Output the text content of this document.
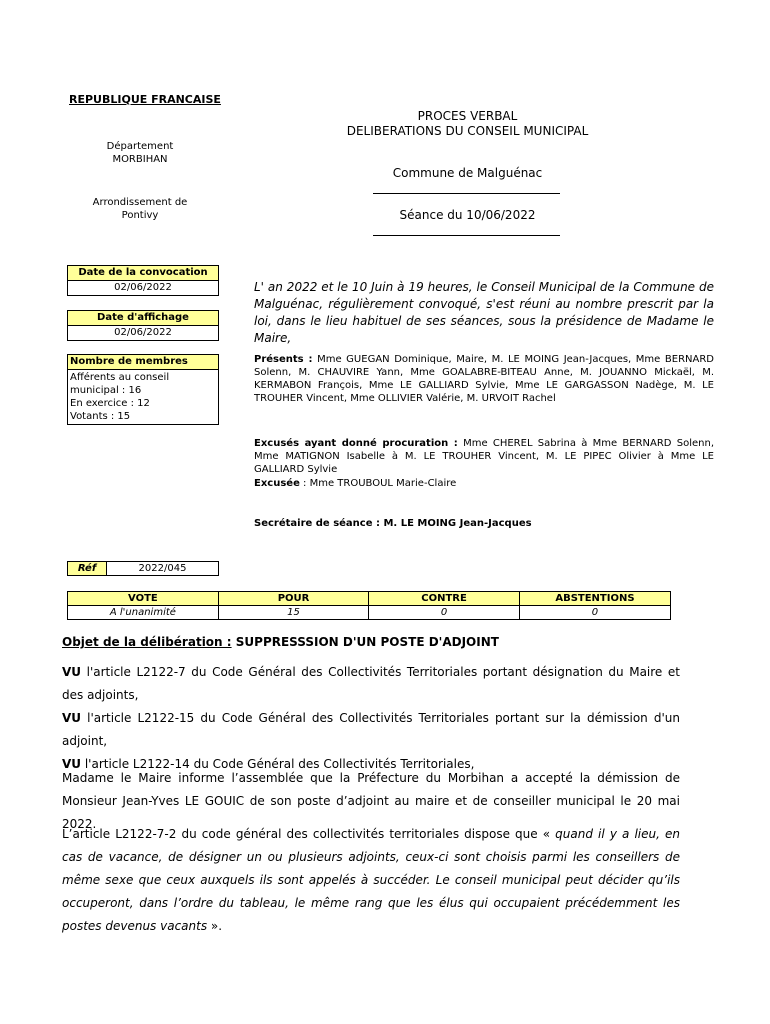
REPUBLIQUE FRANCAISE
Département
MORBIHAN
Arrondissement de
Pontivy
PROCES VERBAL
DELIBERATIONS DU CONSEIL MUNICIPAL
Commune de Malguénac
Séance du 10/06/2022
Date de la convocation
02/06/2022
Date d'affichage
02/06/2022
Nombre de membres
Afférents au conseil
municipal : 16
En exercice : 12
Votants : 15
L' an 2022 et le 10 Juin à 19 heures, le Conseil Municipal de la Commune de Malguénac, régulièrement convoqué, s'est réuni au nombre prescrit par la loi, dans le lieu habituel de ses séances, sous la présidence de Madame le Maire,
Présents : Mme GUEGAN Dominique, Maire, M. LE MOING Jean-Jacques, Mme BERNARD Solenn, M. CHAUVIRE Yann, Mme GOALABRE-BITEAU Anne, M. JOUANNO Mickaël, M. KERMABON François, Mme LE GALLIARD Sylvie, Mme LE GARGASSON Nadège, M. LE TROUHER Vincent, Mme OLLIVIER Valérie, M. URVOIT Rachel
Excusés ayant donné procuration : Mme CHEREL Sabrina à Mme BERNARD Solenn, Mme MATIGNON Isabelle à M. LE TROUHER Vincent, M. LE PIPEC Olivier à Mme LE GALLIARD Sylvie
Excusée : Mme TROUBOUL Marie-Claire
Secrétaire de séance : M. LE MOING Jean-Jacques
Réf	2022/045
VOTE	POUR	CONTRE	ABSTENTIONS
A l'unanimité	15	0	0
Objet de la délibération : SUPPRESSSION D'UN POSTE D'ADJOINT
VU l'article L2122-7 du Code Général des Collectivités Territoriales portant désignation du Maire et des adjoints,
VU l'article L2122-15 du Code Général des Collectivités Territoriales portant sur la démission d'un adjoint,
VU l'article L2122-14 du Code Général des Collectivités Territoriales,
Madame le Maire informe l’assemblée que la Préfecture du Morbihan a accepté la démission de Monsieur Jean-Yves LE GOUIC de son poste d’adjoint au maire et de conseiller municipal le 20 mai 2022.
L’article L2122-7-2 du code général des collectivités territoriales dispose que « quand il y a lieu, en cas de vacance, de désigner un ou plusieurs adjoints, ceux-ci sont choisis parmi les conseillers de même sexe que ceux auxquels ils sont appelés à succéder. Le conseil municipal peut décider qu’ils occuperont, dans l’ordre du tableau, le même rang que les élus qui occupaient précédemment les postes devenus vacants ».
